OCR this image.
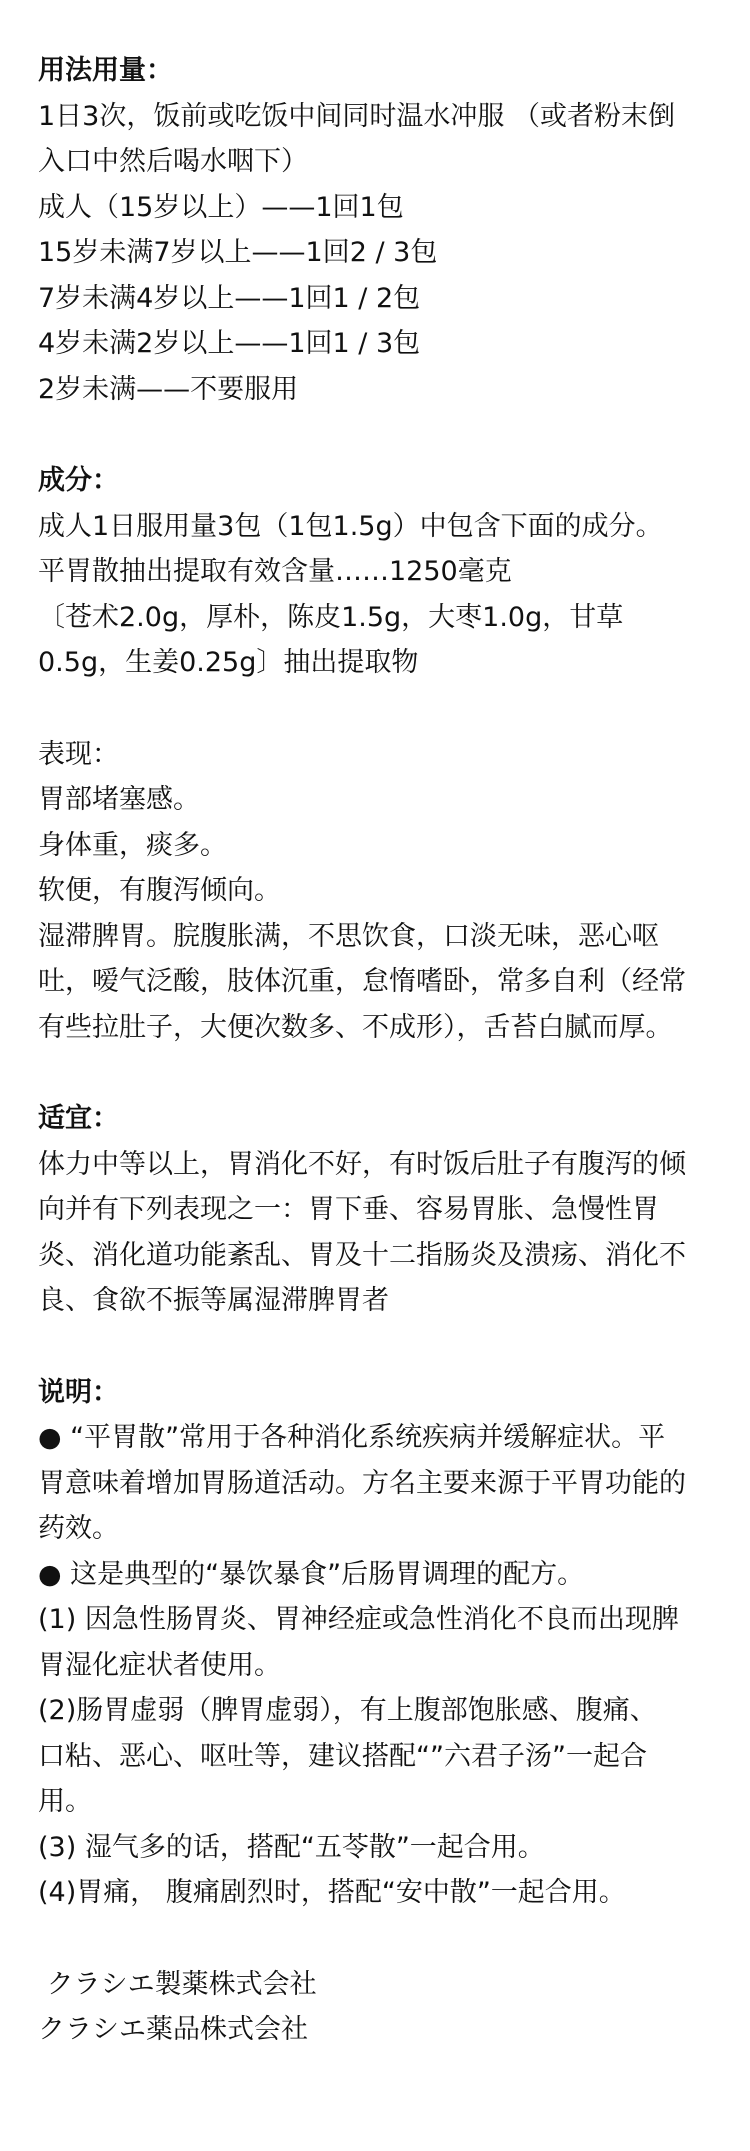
用法用量：

1日3次，饭前或吃饭中间同时温水冲服 （或者粉末倒

入口中然后喝水咽下）

成人（15岁以上）——1回1包

15岁未满7岁以上——1回2 / 3包

7岁未满4岁以上——1回1 / 2包

4岁未满2岁以上——1回1 / 3包

2岁未满——不要服用

成分：

成人1日服用量3包（1包1.5g）中包含下面的成分。

平胃散抽出提取有效含量……1250毫克

〔苍术2.0g，厚朴，陈皮1.5g，大枣1.0g，甘草

0.5g，生姜0.25g〕抽出提取物

表现：

胃部堵塞感。

身体重，痰多。

软便，有腹泻倾向。

湿滞脾胃。脘腹胀满，不思饮食，口淡无味，恶心呕

吐，嗳气泛酸，肢体沉重，怠惰嗜卧，常多自利（经常

有些拉肚子，大便次数多、不成形），舌苔白腻而厚。

适宜：

体力中等以上，胃消化不好，有时饭后肚子有腹泻的倾

向并有下列表现之一：胃下垂、容易胃胀、急慢性胃

炎、消化道功能紊乱、胃及十二指肠炎及溃疡、消化不

良、食欲不振等属湿滞脾胃者

说明：

● “平胃散”常用于各种消化系统疾病并缓解症状。平

胃意味着增加胃肠道活动。方名主要来源于平胃功能的

药效。

● 这是典型的“暴饮暴食”后肠胃调理的配方。

(1) 因急性肠胃炎、胃神经症或急性消化不良而出现脾

胃湿化症状者使用。

(2)肠胃虚弱（脾胃虚弱），有上腹部饱胀感、腹痛、

口粘、恶心、呕吐等，建议搭配“”六君子汤”一起合

用。

(3) 湿气多的话，搭配“五苓散”一起合用。

(4)胃痛， 腹痛剧烈时，搭配“安中散”一起合用。

クラシエ製薬株式会社

クラシエ薬品株式会社
